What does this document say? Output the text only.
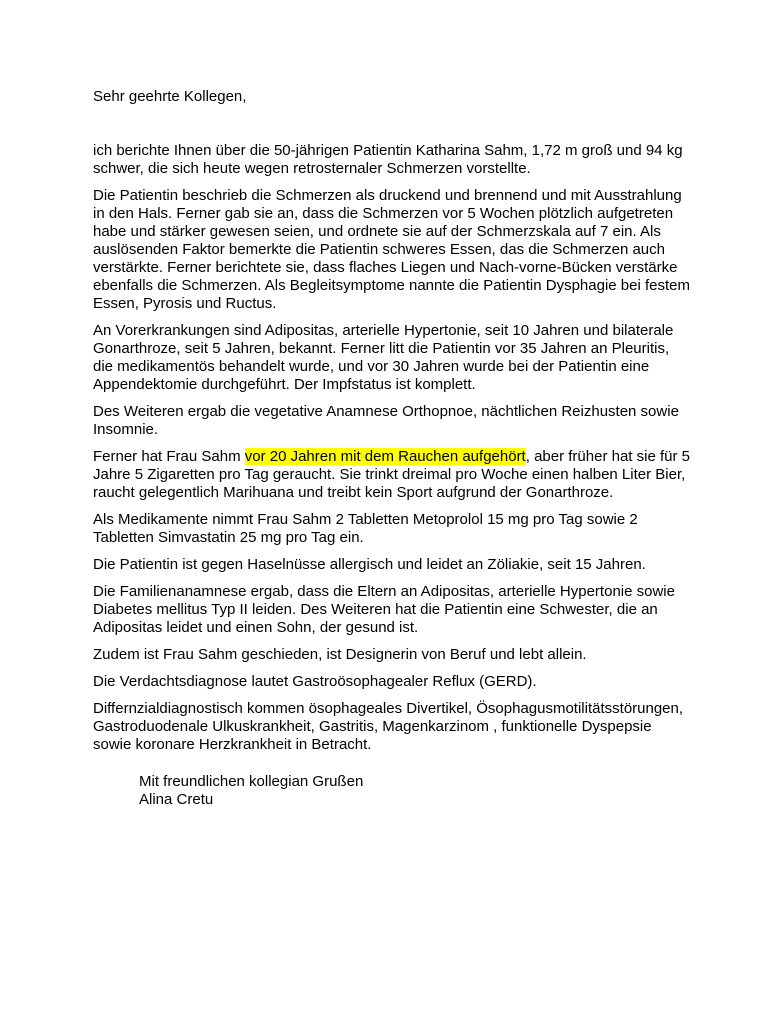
Sehr geehrte Kollegen,

ich berichte Ihnen über die 50-jährigen Patientin Katharina Sahm, 1,72 m groß und 94 kg schwer, die sich heute wegen retrosternaler Schmerzen vorstellte.

Die Patientin beschrieb die Schmerzen als druckend und brennend und mit Ausstrahlung in den Hals. Ferner gab sie an, dass die Schmerzen vor 5 Wochen plötzlich aufgetreten habe und stärker gewesen seien, und ordnete sie auf der Schmerzskala auf 7 ein. Als auslösenden Faktor bemerkte die Patientin schweres Essen, das die Schmerzen auch verstärkte. Ferner berichtete sie, dass flaches Liegen und Nach-vorne-Bücken verstärke ebenfalls die Schmerzen. Als Begleitsymptome nannte die Patientin Dysphagie bei festem Essen, Pyrosis und Ructus.

An Vorerkrankungen sind Adipositas, arterielle Hypertonie, seit 10 Jahren und bilaterale Gonarthroze, seit 5 Jahren, bekannt. Ferner litt die Patientin vor 35 Jahren an Pleuritis, die medikamentös behandelt wurde, und vor 30 Jahren wurde bei der Patientin eine Appendektomie durchgeführt. Der Impfstatus ist komplett.

Des Weiteren ergab die vegetative Anamnese Orthopnoe, nächtlichen Reizhusten sowie Insomnie.

Ferner hat Frau Sahm vor 20 Jahren mit dem Rauchen aufgehört, aber früher hat sie für 5 Jahre 5 Zigaretten pro Tag geraucht. Sie trinkt dreimal pro Woche einen halben Liter Bier, raucht gelegentlich Marihuana und treibt kein Sport aufgrund der Gonarthroze.

Als Medikamente nimmt Frau Sahm 2 Tabletten Metoprolol 15 mg pro Tag sowie 2 Tabletten Simvastatin 25 mg pro Tag ein.

Die Patientin ist gegen Haselnüsse allergisch und leidet an Zöliakie, seit 15 Jahren.

Die Familienanamnese ergab, dass die Eltern an Adipositas, arterielle Hypertonie sowie Diabetes mellitus Typ II leiden. Des Weiteren hat die Patientin eine Schwester, die an Adipositas leidet und einen Sohn, der gesund ist.

Zudem ist Frau Sahm geschieden, ist Designerin von Beruf und lebt allein.

Die Verdachtsdiagnose lautet Gastroösophagealer Reflux (GERD).

Differnzialdiagnostisch kommen ösophageales Divertikel, Ösophagusmotilitätsstörungen, Gastroduodenale Ulkuskrankheit, Gastritis, Magenkarzinom , funktionelle Dyspepsie sowie koronare Herzkrankheit in Betracht.

Mit freundlichen kollegian Grußen
Alina Cretu
